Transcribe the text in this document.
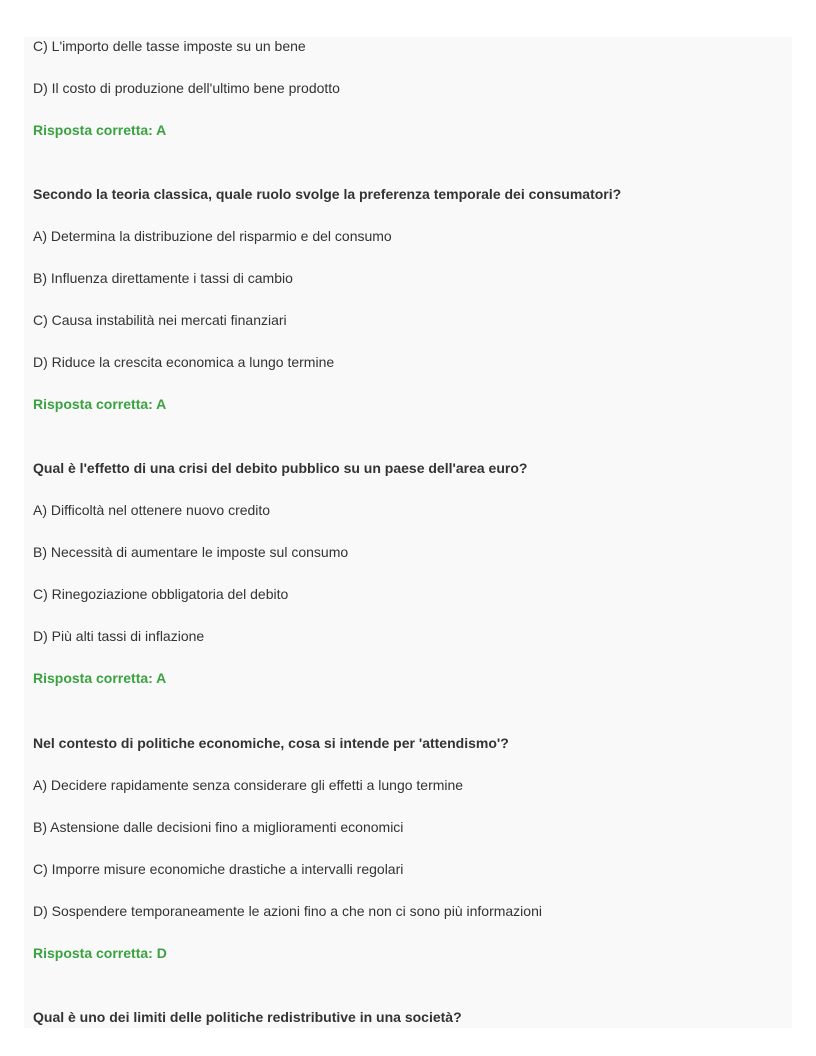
C) L'importo delle tasse imposte su un bene
D) Il costo di produzione dell'ultimo bene prodotto
Risposta corretta: A
Secondo la teoria classica, quale ruolo svolge la preferenza temporale dei consumatori?
A) Determina la distribuzione del risparmio e del consumo
B) Influenza direttamente i tassi di cambio
C) Causa instabilità nei mercati finanziari
D) Riduce la crescita economica a lungo termine
Risposta corretta: A
Qual è l'effetto di una crisi del debito pubblico su un paese dell'area euro?
A) Difficoltà nel ottenere nuovo credito
B) Necessità di aumentare le imposte sul consumo
C) Rinegoziazione obbligatoria del debito
D) Più alti tassi di inflazione
Risposta corretta: A
Nel contesto di politiche economiche, cosa si intende per 'attendismo'?
A) Decidere rapidamente senza considerare gli effetti a lungo termine
B) Astensione dalle decisioni fino a miglioramenti economici
C) Imporre misure economiche drastiche a intervalli regolari
D) Sospendere temporaneamente le azioni fino a che non ci sono più informazioni
Risposta corretta: D
Qual è uno dei limiti delle politiche redistributive in una società?
